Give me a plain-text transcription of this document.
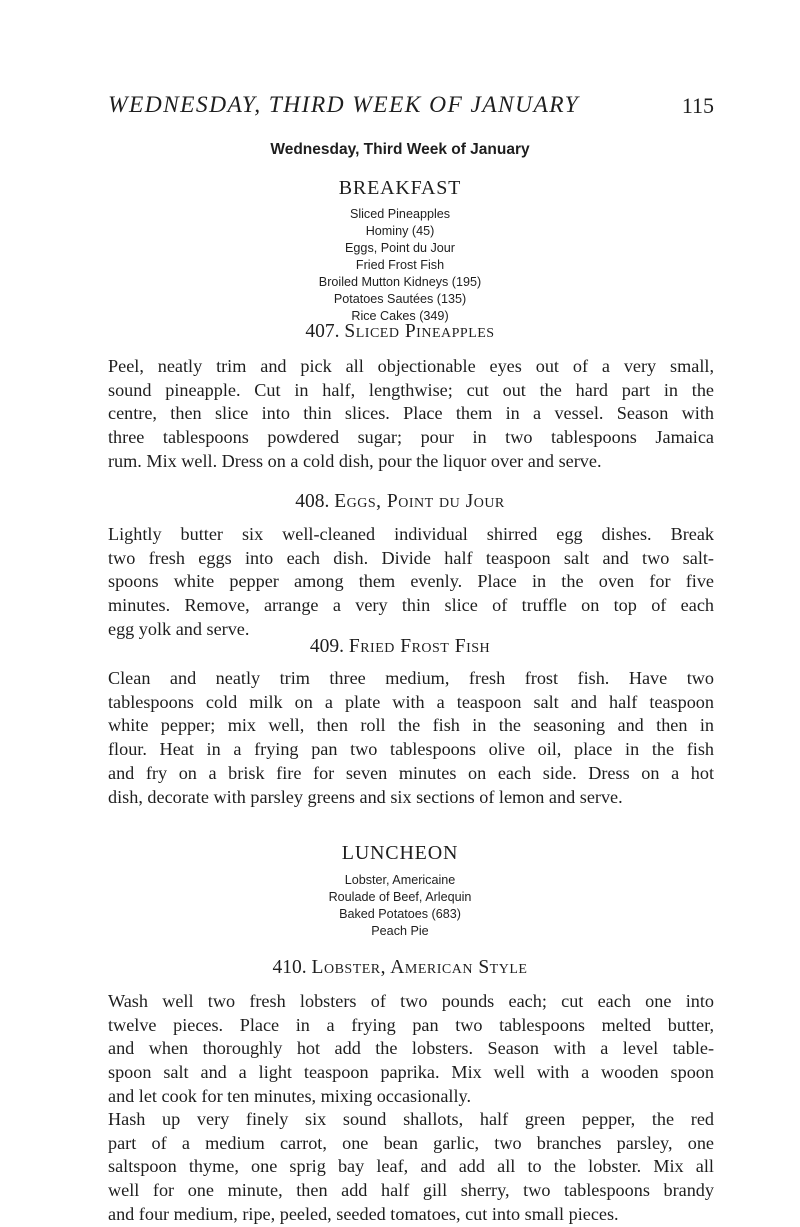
WEDNESDAY, THIRD WEEK OF JANUARY	115
Wednesday, Third Week of January
BREAKFAST
Sliced Pineapples
Hominy (45)
Eggs, Point du Jour
Fried Frost Fish
Broiled Mutton Kidneys (195)
Potatoes Sautées (135)
Rice Cakes (349)
407. Sliced Pineapples

Peel, neatly trim and pick all objectionable eyes out of a very small,
sound pineapple. Cut in half, lengthwise; cut out the hard part in the
centre, then slice into thin slices. Place them in a vessel. Season with
three tablespoons powdered sugar; pour in two tablespoons Jamaica
rum. Mix well. Dress on a cold dish, pour the liquor over and serve.

408. Eggs, Point du Jour

Lightly butter six well-cleaned individual shirred egg dishes. Break
two fresh eggs into each dish. Divide half teaspoon salt and two salt-
spoons white pepper among them evenly. Place in the oven for five
minutes. Remove, arrange a very thin slice of truffle on top of each
egg yolk and serve.

409. Fried Frost Fish

Clean and neatly trim three medium, fresh frost fish. Have two
tablespoons cold milk on a plate with a teaspoon salt and half teaspoon
white pepper; mix well, then roll the fish in the seasoning and then in
flour. Heat in a frying pan two tablespoons olive oil, place in the fish
and fry on a brisk fire for seven minutes on each side. Dress on a hot
dish, decorate with parsley greens and six sections of lemon and serve.

LUNCHEON
Lobster, Americaine
Roulade of Beef, Arlequin
Baked Potatoes (683)
Peach Pie
410. Lobster, American Style

Wash well two fresh lobsters of two pounds each; cut each one into
twelve pieces. Place in a frying pan two tablespoons melted butter,
and when thoroughly hot add the lobsters. Season with a level table-
spoon salt and a light teaspoon paprika. Mix well with a wooden spoon
and let cook for ten minutes, mixing occasionally.

Hash up very finely six sound shallots, half green pepper, the red
part of a medium carrot, one bean garlic, two branches parsley, one
saltspoon thyme, one sprig bay leaf, and add all to the lobster. Mix all
well for one minute, then add half gill sherry, two tablespoons brandy
and four medium, ripe, peeled, seeded tomatoes, cut into small pieces.
